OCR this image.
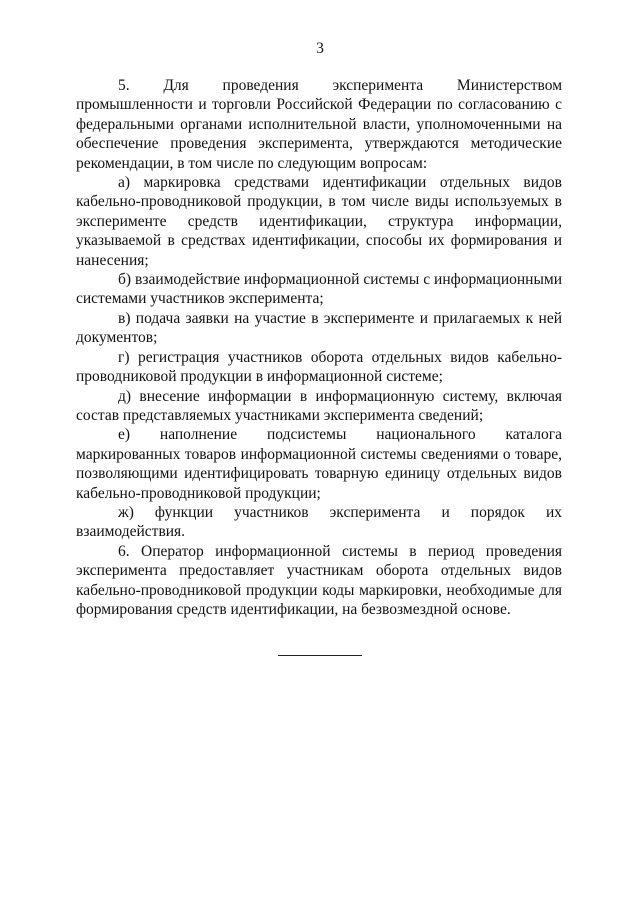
3

5. Для проведения эксперимента Министерством промышленности и торговли Российской Федерации по согласованию с федеральными органами исполнительной власти, уполномоченными на обеспечение проведения эксперимента, утверждаются методические рекомендации, в том числе по следующим вопросам:

а) маркировка средствами идентификации отдельных видов кабельно-проводниковой продукции, в том числе виды используемых в эксперименте средств идентификации, структура информации, указываемой в средствах идентификации, способы их формирования и нанесения;

б) взаимодействие информационной системы с информационными системами участников эксперимента;

в) подача заявки на участие в эксперименте и прилагаемых к ней документов;

г) регистрация участников оборота отдельных видов кабельно-проводниковой продукции в информационной системе;

д) внесение информации в информационную систему, включая состав представляемых участниками эксперимента сведений;

е) наполнение подсистемы национального каталога маркированных товаров информационной системы сведениями о товаре, позволяющими идентифицировать товарную единицу отдельных видов кабельно-проводниковой продукции;

ж) функции участников эксперимента и порядок их взаимодействия.

6. Оператор информационной системы в период проведения эксперимента предоставляет участникам оборота отдельных видов кабельно-проводниковой продукции коды маркировки, необходимые для формирования средств идентификации, на безвозмездной основе.
